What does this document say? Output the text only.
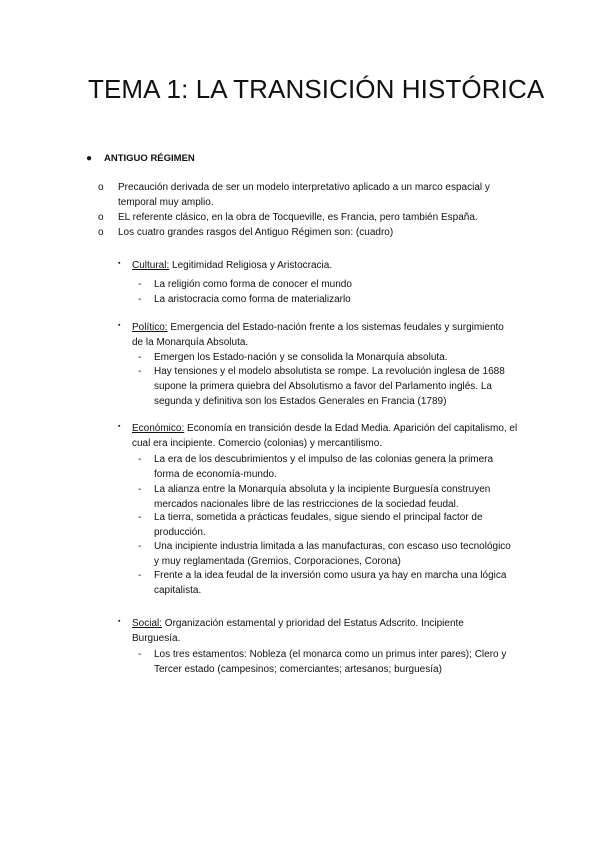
TEMA 1: LA TRANSICIÓN HISTÓRICA
● ANTIGUO RÉGIMEN
o Precaución derivada de ser un modelo interpretativo aplicado a un marco espacial y temporal muy amplio.
o EL referente clásico, en la obra de Tocqueville, es Francia, pero también España.
o Los cuatro grandes rasgos del Antiguo Régimen son: (cuadro)
▪ Cultural: Legitimidad Religiosa y Aristocracia.
- La religión como forma de conocer el mundo
- La aristocracia como forma de materializarlo
▪ Político: Emergencia del Estado-nación frente a los sistemas feudales y surgimiento de la Monarquía Absoluta.
- Emergen los Estado-nación y se consolida la Monarquía absoluta.
- Hay tensiones y el modelo absolutista se rompe. La revolución inglesa de 1688 supone la primera quiebra del Absolutismo a favor del Parlamento inglés. La segunda y definitiva son los Estados Generales en Francia (1789)
▪ Económico: Economía en transición desde la Edad Media. Aparición del capitalismo, el cual era incipiente. Comercio (colonias) y mercantilismo.
- La era de los descubrimientos y el impulso de las colonias genera la primera forma de economía-mundo.
- La alianza entre la Monarquía absoluta y la incipiente Burguesía construyen mercados nacionales libre de las restricciones de la sociedad feudal.
- La tierra, sometida a prácticas feudales, sigue siendo el principal factor de producción.
- Una incipiente industria limitada a las manufacturas, con escaso uso tecnológico y muy reglamentada (Gremios, Corporaciones, Corona)
- Frente a la idea feudal de la inversión como usura ya hay en marcha una lógica capitalista.
▪ Social: Organización estamental y prioridad del Estatus Adscrito. Incipiente Burguesía.
- Los tres estamentos: Nobleza (el monarca como un primus inter pares); Clero y Tercer estado (campesinos; comerciantes; artesanos; burguesía)
